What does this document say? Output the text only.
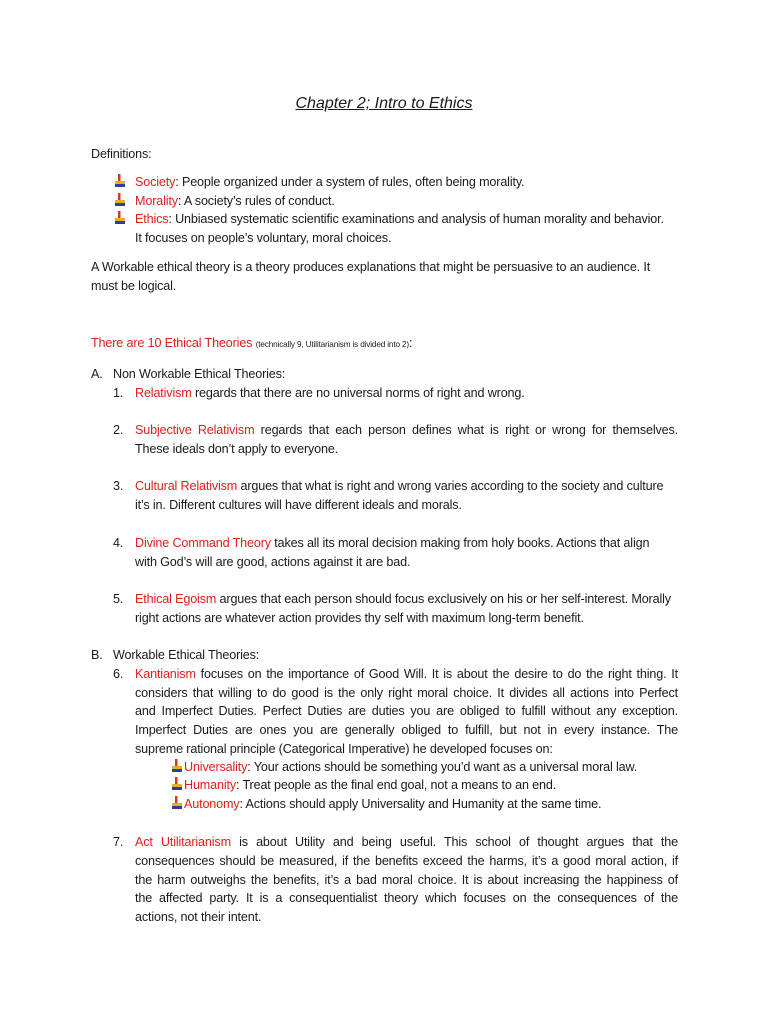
Chapter 2; Intro to Ethics
Definitions:
Society: People organized under a system of rules, often being morality.
Morality: A society’s rules of conduct.
Ethics: Unbiased systematic scientific examinations and analysis of human morality and behavior.
It focuses on people’s voluntary, moral choices.
A Workable ethical theory is a theory produces explanations that might be persuasive to an audience. It
must be logical.
There are 10 Ethical Theories (technically 9, Utilitarianism is divided into 2):
A. Non Workable Ethical Theories:
1. Relativism regards that there are no universal norms of right and wrong.
2. Subjective Relativism regards that each person defines what is right or wrong for themselves.
These ideals don’t apply to everyone.
3. Cultural Relativism argues that what is right and wrong varies according to the society and culture
it’s in. Different cultures will have different ideals and morals.
4. Divine Command Theory takes all its moral decision making from holy books. Actions that align
with God’s will are good, actions against it are bad.
5. Ethical Egoism argues that each person should focus exclusively on his or her self-interest. Morally
right actions are whatever action provides thy self with maximum long-term benefit.
B. Workable Ethical Theories:
6. Kantianism focuses on the importance of Good Will. It is about the desire to do the right thing. It
considers that willing to do good is the only right moral choice. It divides all actions into Perfect
and Imperfect Duties. Perfect Duties are duties you are obliged to fulfill without any exception.
Imperfect Duties are ones you are generally obliged to fulfill, but not in every instance. The
supreme rational principle (Categorical Imperative) he developed focuses on:
Universality: Your actions should be something you’d want as a universal moral law.
Humanity: Treat people as the final end goal, not a means to an end.
Autonomy: Actions should apply Universality and Humanity at the same time.
7. Act Utilitarianism is about Utility and being useful. This school of thought argues that the
consequences should be measured, if the benefits exceed the harms, it’s a good moral action, if
the harm outweighs the benefits, it’s a bad moral choice. It is about increasing the happiness of
the affected party. It is a consequentialist theory which focuses on the consequences of the
actions, not their intent.
